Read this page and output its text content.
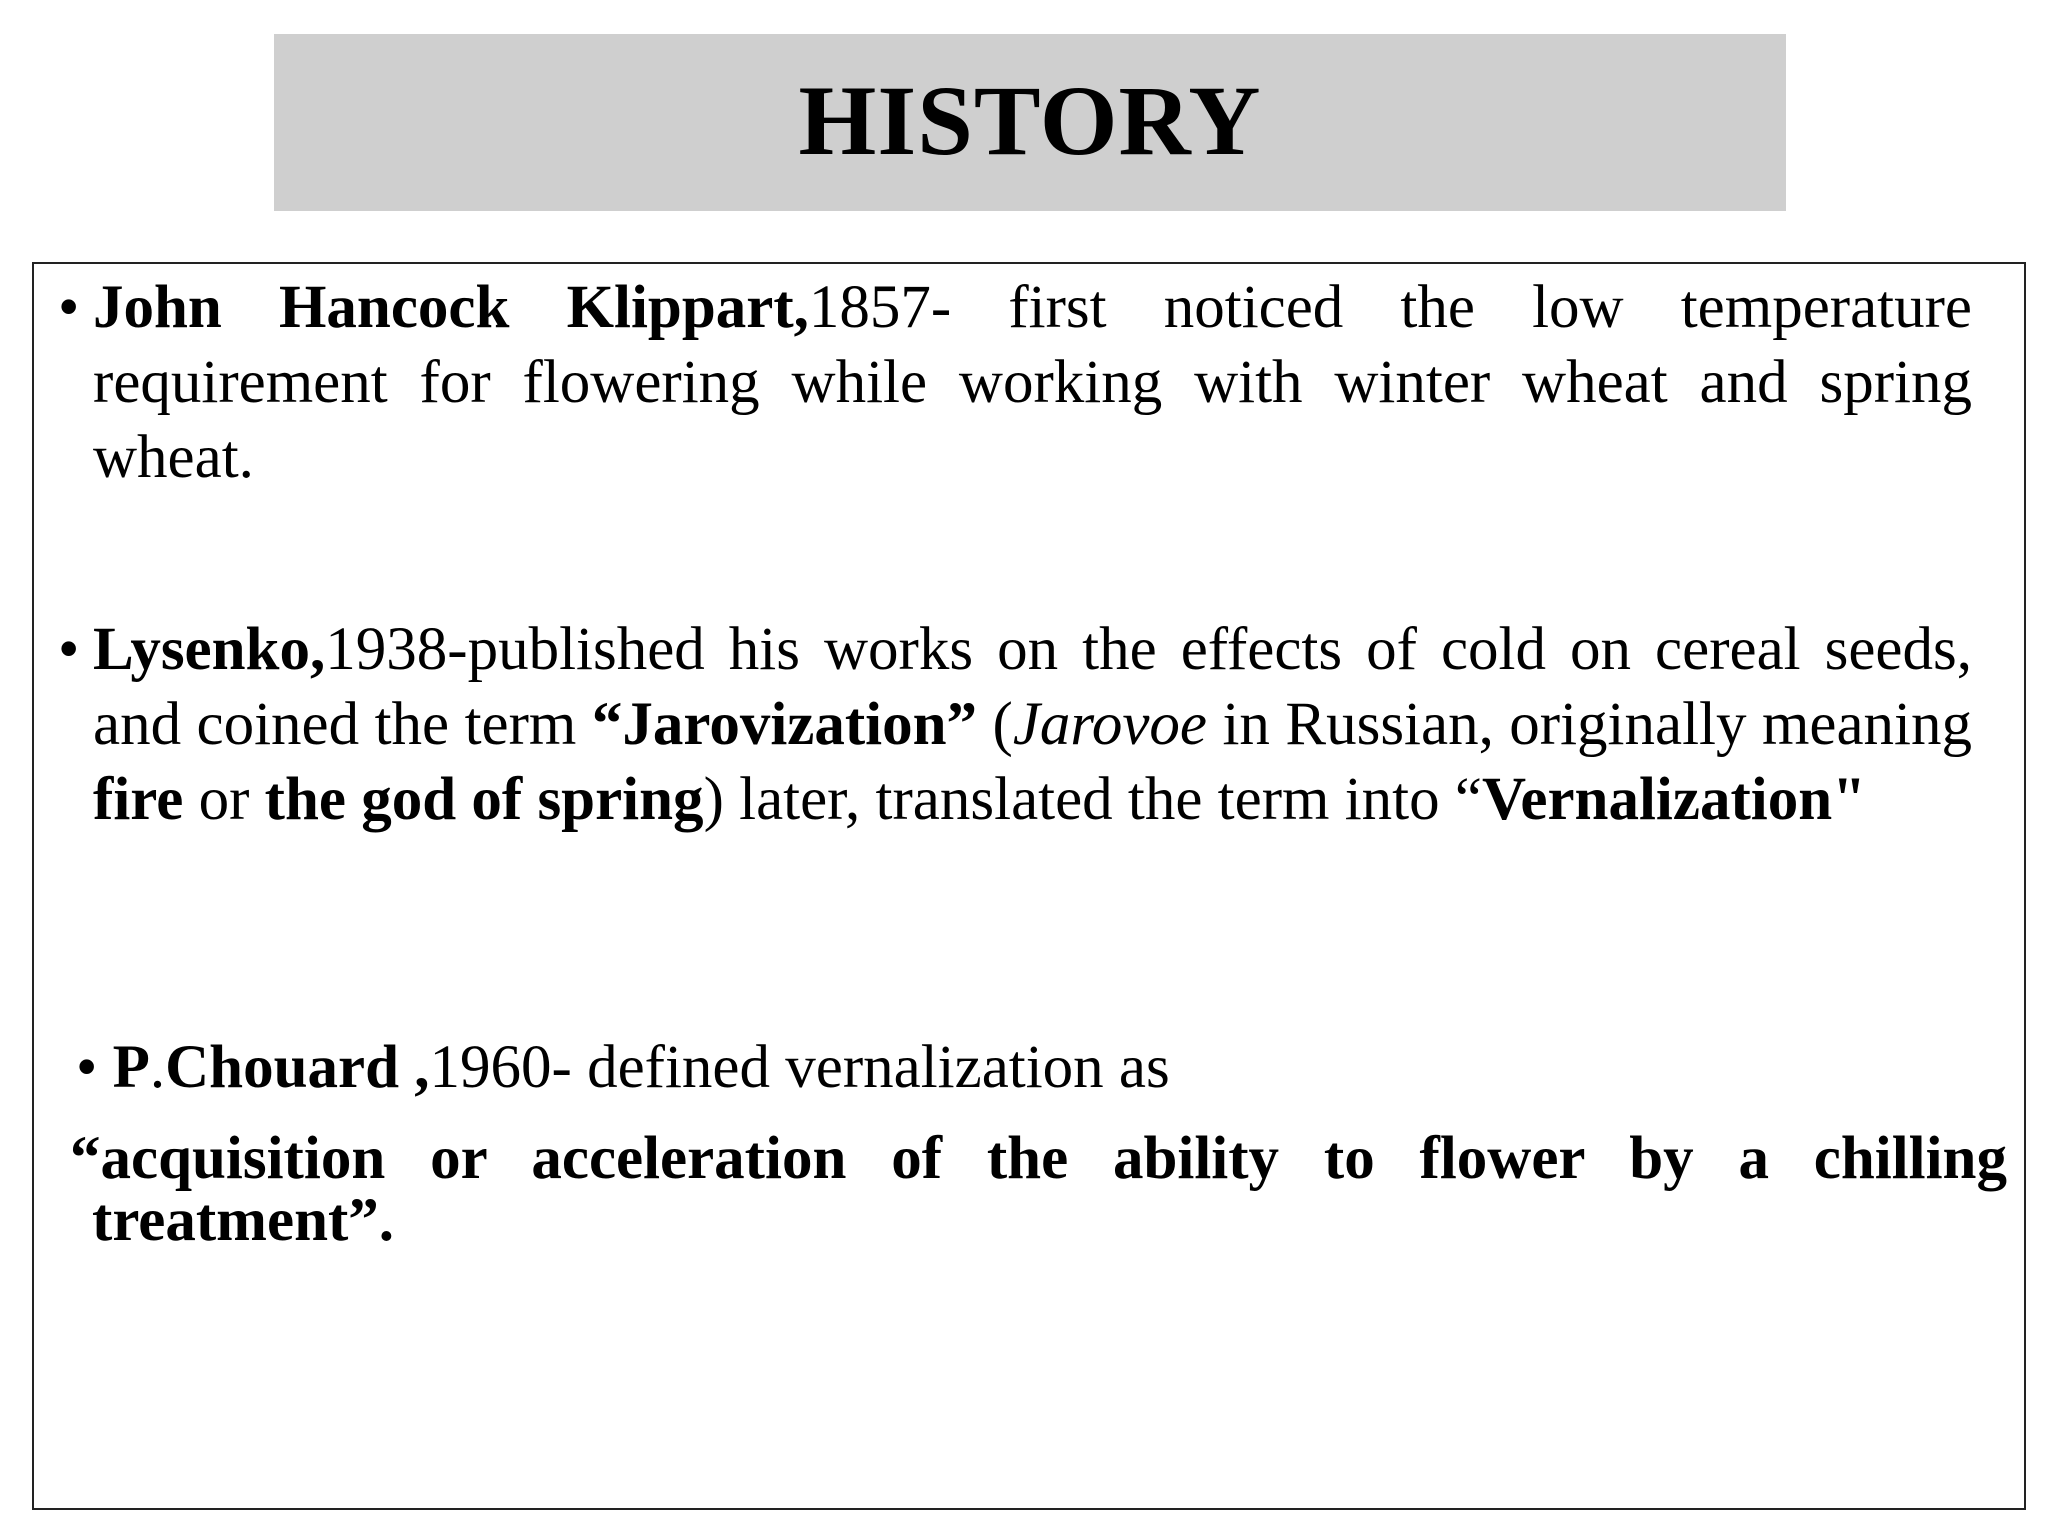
HISTORY
• John Hancock Klippart,1857- first noticed the low temperature requirement for flowering while working with winter wheat and spring wheat.
• Lysenko,1938-published his works on the effects of cold on cereal seeds, and coined the term “Jarovization” (Jarovoe in Russian, originally meaning fire or the god of spring) later, translated the term into “Vernalization"
• P.Chouard ,1960- defined vernalization as
“acquisition or acceleration of the ability to flower by a chilling treatment”.
